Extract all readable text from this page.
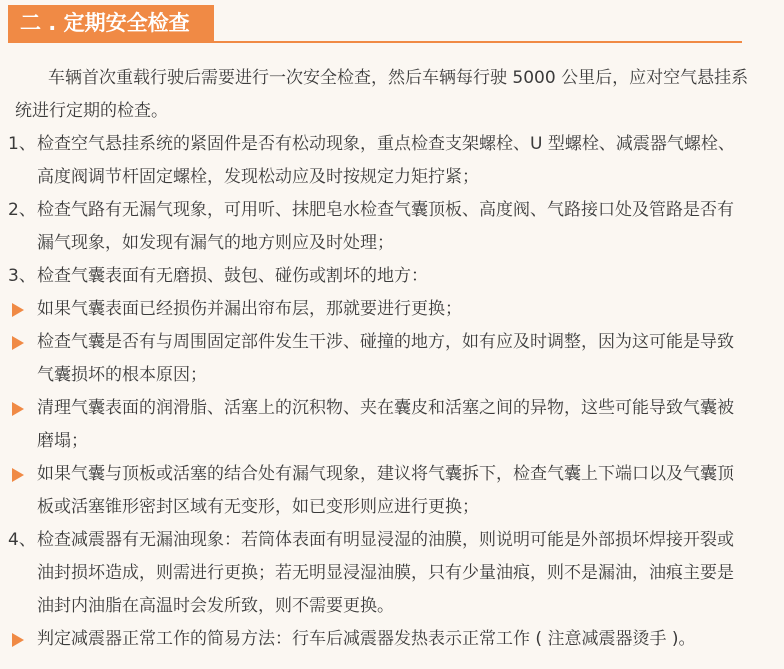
二 . 定期安全检查

车辆首次重载行驶后需要进行一次安全检查，然后车辆每行驶 5000 公里后，应对空气悬挂系统进行定期的检查。

1、 检查空气悬挂系统的紧固件是否有松动现象，重点检查支架螺栓、U 型螺栓、减震器气螺栓、高度阀调节杆固定螺栓，发现松动应及时按规定力矩拧紧；
2、 检查气路有无漏气现象，可用听、抹肥皂水检查气囊顶板、高度阀、气路接口处及管路是否有漏气现象，如发现有漏气的地方则应及时处理；
3、 检查气囊表面有无磨损、鼓包、碰伤或割坏的地方：
如果气囊表面已经损伤并漏出帘布层，那就要进行更换；
检查气囊是否有与周围固定部件发生干涉、碰撞的地方，如有应及时调整，因为这可能是导致气囊损坏的根本原因；
清理气囊表面的润滑脂、活塞上的沉积物、夹在囊皮和活塞之间的异物，这些可能导致气囊被磨塌；
如果气囊与顶板或活塞的结合处有漏气现象，建议将气囊拆下，检查气囊上下端口以及气囊顶板或活塞锥形密封区域有无变形，如已变形则应进行更换；
4、 检查减震器有无漏油现象：若筒体表面有明显浸湿的油膜，则说明可能是外部损坏焊接开裂或油封损坏造成，则需进行更换；若无明显浸湿油膜，只有少量油痕，则不是漏油，油痕主要是油封内油脂在高温时会发所致，则不需要更换。
判定减震器正常工作的简易方法：行车后减震器发热表示正常工作 ( 注意减震器烫手 )。
